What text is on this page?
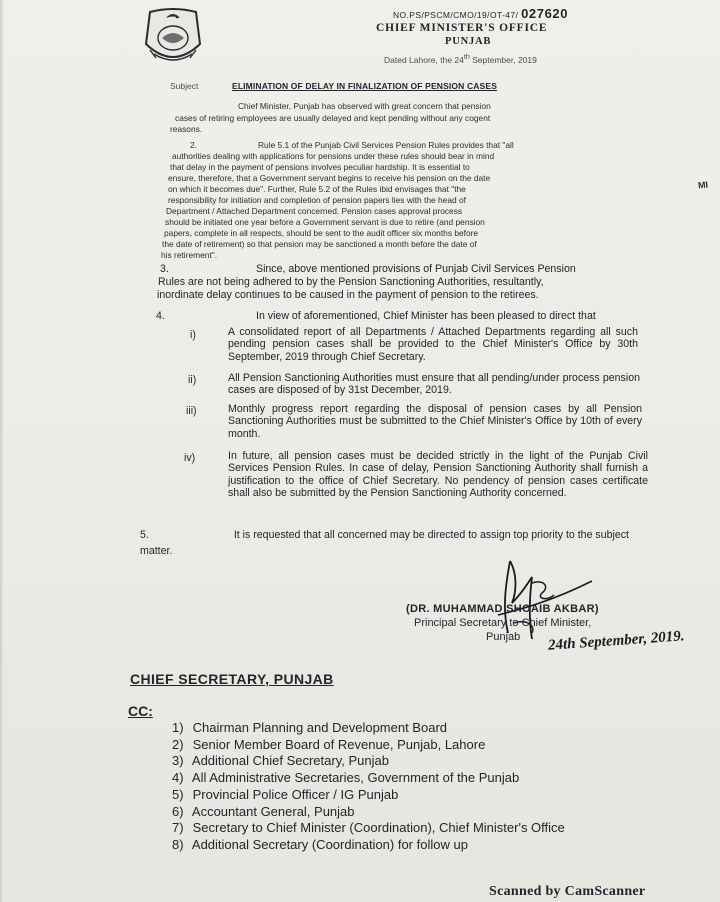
NO.PS/PSCM/CMO/19/OT-47/ 027620
CHIEF MINISTER'S OFFICE
PUNJAB
Dated Lahore, the 24th September, 2019
Subject	ELIMINATION OF DELAY IN FINALIZATION OF PENSION CASES
Chief Minister, Punjab has observed with great concern that pension
cases of retiring employees are usually delayed and kept pending without any cogent
reasons.
2.	Rule 5.1 of the Punjab Civil Services Pension Rules provides that "all
authorities dealing with applications for pensions under these rules should bear in mind
that delay in the payment of pensions involves peculiar hardship. It is essential to
ensure, therefore, that a Government servant begins to receive his pension on the date
on which it becomes due". Further, Rule 5.2 of the Rules ibid envisages that "the
responsibility for initiation and completion of pension papers lies with the head of
Department / Attached Department concerned. Pension cases approval process
should be initiated one year before a Government servant is due to retire (and pension
papers, complete in all respects, should be sent to the audit officer six months before
the date of retirement) so that pension may be sanctioned a month before the date of
his retirement".
3.	Since, above mentioned provisions of Punjab Civil Services Pension
Rules are not being adhered to by the Pension Sanctioning Authorities, resultantly,
inordinate delay continues to be caused in the payment of pension to the retirees.
4.	In view of aforementioned, Chief Minister has been pleased to direct that
i)	A consolidated report of all Departments / Attached Departments regarding all such pending pension cases shall be provided to the Chief Minister's Office by 30th September, 2019 through Chief Secretary.
ii)	All Pension Sanctioning Authorities must ensure that all pending/under process pension cases are disposed of by 31st December, 2019.
iii)	Monthly progress report regarding the disposal of pension cases by all Pension Sanctioning Authorities must be submitted to the Chief Minister's Office by 10th of every month.
iv)	In future, all pension cases must be decided strictly in the light of the Punjab Civil Services Pension Rules. In case of delay, Pension Sanctioning Authority shall furnish a justification to the office of Chief Secretary. No pendency of pension cases certificate shall also be submitted by the Pension Sanctioning Authority concerned.
5.	It is requested that all concerned may be directed to assign top priority to the subject matter.
(DR. MUHAMMAD SHOAIB AKBAR)
Principal Secretary to Chief Minister,
Punjab 24th September, 2019.
CHIEF SECRETARY, PUNJAB
CC:
1) Chairman Planning and Development Board
2) Senior Member Board of Revenue, Punjab, Lahore
3) Additional Chief Secretary, Punjab
4) All Administrative Secretaries, Government of the Punjab
5) Provincial Police Officer / IG Punjab
6) Accountant General, Punjab
7) Secretary to Chief Minister (Coordination), Chief Minister's Office
8) Additional Secretary (Coordination) for follow up
MI
Scanned by CamScanner
